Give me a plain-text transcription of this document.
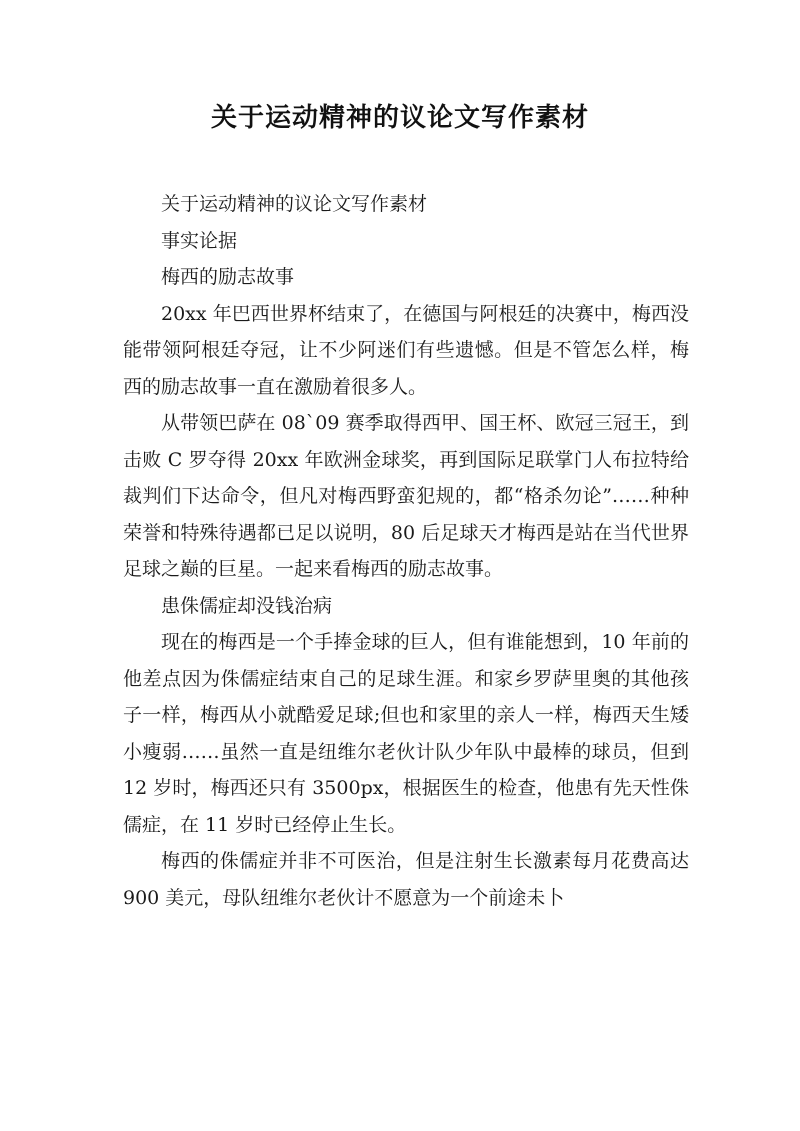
关于运动精神的议论文写作素材

关于运动精神的议论文写作素材

事实论据

梅西的励志故事

20xx 年巴西世界杯结束了，在德国与阿根廷的决赛中，梅西没能带领阿根廷夺冠，让不少阿迷们有些遗憾。但是不管怎么样，梅西的励志故事一直在激励着很多人。

从带领巴萨在 08`09 赛季取得西甲、国王杯、欧冠三冠王，到击败 C 罗夺得 20xx 年欧洲金球奖，再到国际足联掌门人布拉特给裁判们下达命令，但凡对梅西野蛮犯规的，都“格杀勿论”……种种荣誉和特殊待遇都已足以说明，80 后足球天才梅西是站在当代世界足球之巅的巨星。一起来看梅西的励志故事。

患侏儒症却没钱治病

现在的梅西是一个手捧金球的巨人，但有谁能想到，10 年前的他差点因为侏儒症结束自己的足球生涯。和家乡罗萨里奥的其他孩子一样，梅西从小就酷爱足球;但也和家里的亲人一样，梅西天生矮小瘦弱……虽然一直是纽维尔老伙计队少年队中最棒的球员，但到 12 岁时，梅西还只有 3500px，根据医生的检查，他患有先天性侏儒症，在 11 岁时已经停止生长。

梅西的侏儒症并非不可医治，但是注射生长激素每月花费高达 900 美元，母队纽维尔老伙计不愿意为一个前途未卜
